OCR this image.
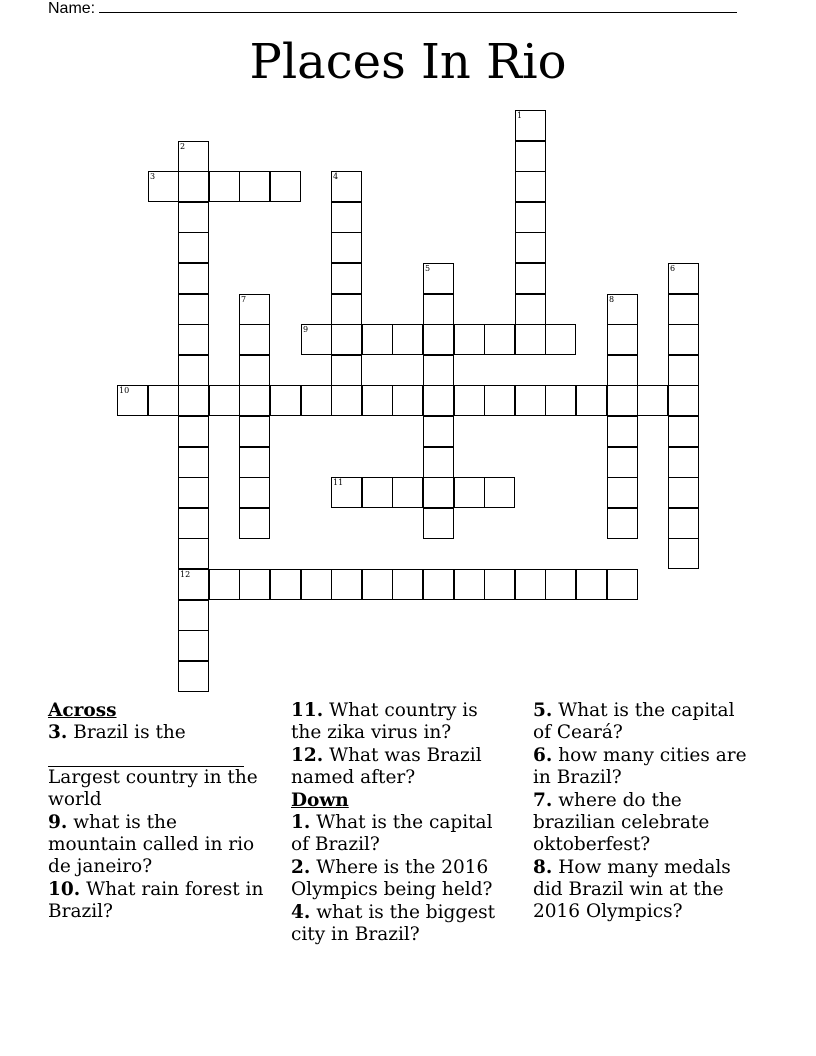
Name:
Places In Rio
1
2
12
3	4
5	6
7	8
9
10
11
Across
3. Brazil is the

Largest country in the world
9. what is the mountain called in rio de janeiro?
10. What rain forest in Brazil?
11. What country is the zika virus in?
12. What was Brazil named after?
Down
1. What is the capital of Brazil?
2. Where is the 2016 Olympics being held?
4. what is the biggest city in Brazil?
5. What is the capital of Ceará?
6. how many cities are in Brazil?
7. where do the brazilian celebrate oktoberfest?
8. How many medals did Brazil win at the 2016 Olympics?
